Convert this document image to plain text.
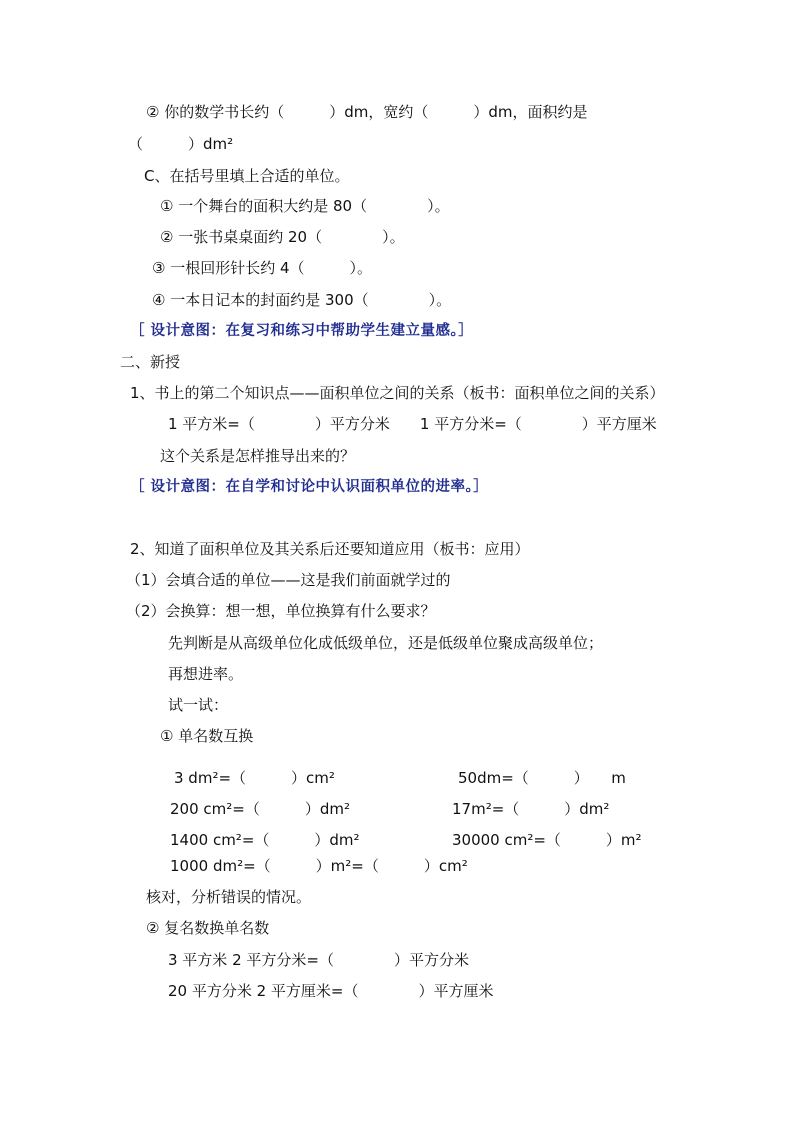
② 你的数学书长约（　　　）dm，宽约（　　　）dm，面积约是
（　　　）dm²
C、在括号里填上合适的单位。
① 一个舞台的面积大约是 80（　　　　）。
② 一张书桌桌面约 20（　　　　）。
③ 一根回形针长约 4（　　　）。
④ 一本日记本的封面约是 300（　　　　）。
［ 设计意图：在复习和练习中帮助学生建立量感。］
二、新授
1、书上的第二个知识点——面积单位之间的关系（板书：面积单位之间的关系）
1 平方米=（　　　　）平方分米　　1 平方分米=（　　　　）平方厘米
这个关系是怎样推导出来的？
［ 设计意图：在自学和讨论中认识面积单位的进率。］
2、知道了面积单位及其关系后还要知道应用（板书：应用）
（1）会填合适的单位——这是我们前面就学过的
（2）会换算：想一想，单位换算有什么要求？
先判断是从高级单位化成低级单位，还是低级单位聚成高级单位；
再想进率。
试一试：
① 单名数互换
3 dm²=（　　　）cm²	50dm=（　　　）　　m
200 cm²=（　　　）dm²	17m²=（　　　）dm²
1400 cm²=（　　　）dm²	30000 cm²=（　　　）m²
1000 dm²=（　　　）m²=（　　　）cm²
核对，分析错误的情况。
② 复名数换单名数
3 平方米 2 平方分米=（　　　　）平方分米
20 平方分米 2 平方厘米=（　　　　）平方厘米
